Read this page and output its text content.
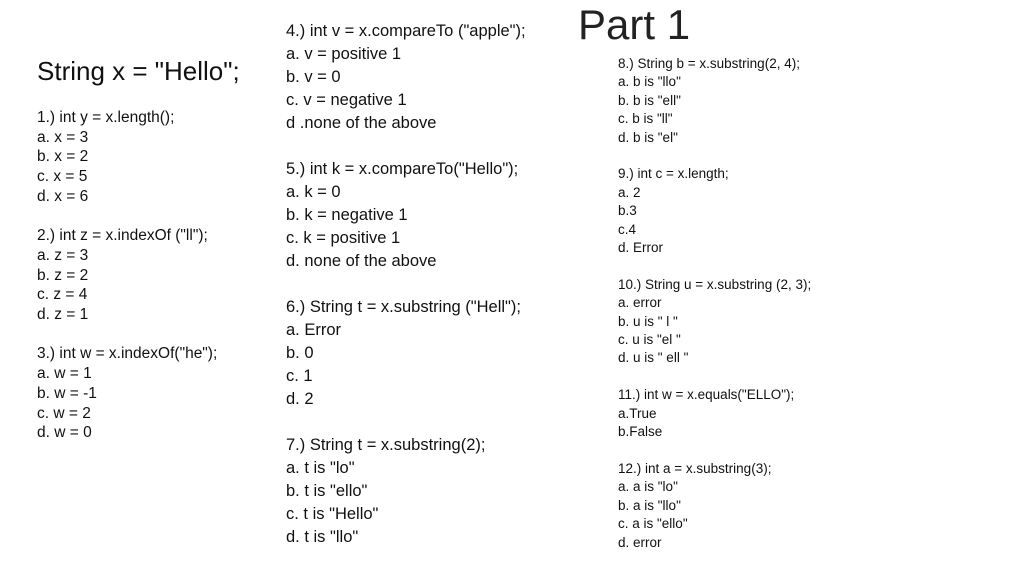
Part 1
String x = "Hello";
1.) int y = x.length();
a. x = 3
b. x = 2
c. x = 5
d. x = 6
2.) int z = x.indexOf ("ll");
a. z = 3
b. z = 2
c. z = 4
d. z = 1
3.) int w = x.indexOf("he");
a. w = 1
b. w = -1
c. w = 2
d. w = 0
4.) int v = x.compareTo ("apple");
a. v = positive 1
b. v = 0
c. v = negative 1
d .none of the above
5.) int k = x.compareTo("Hello");
a. k = 0
b. k = negative 1
c. k = positive 1
d. none of the above
6.) String t = x.substring ("Hell");
a. Error
b. 0
c. 1
d. 2
7.) String t = x.substring(2);
a. t is "lo"
b. t is "ello"
c. t is "Hello"
d. t is "llo"
8.) String b = x.substring(2, 4);
a. b is "llo"
b. b is "ell"
c. b is "ll"
d. b is "el"
9.) int c = x.length;
a. 2
b.3
c.4
d. Error
10.) String u = x.substring (2, 3);
a. error
b. u is " l "
c. u is "el "
d. u is " ell "
11.) int w = x.equals("ELLO");
a.True
b.False
12.) int a = x.substring(3);
a. a is "lo"
b. a is "llo"
c. a is "ello"
d. error
